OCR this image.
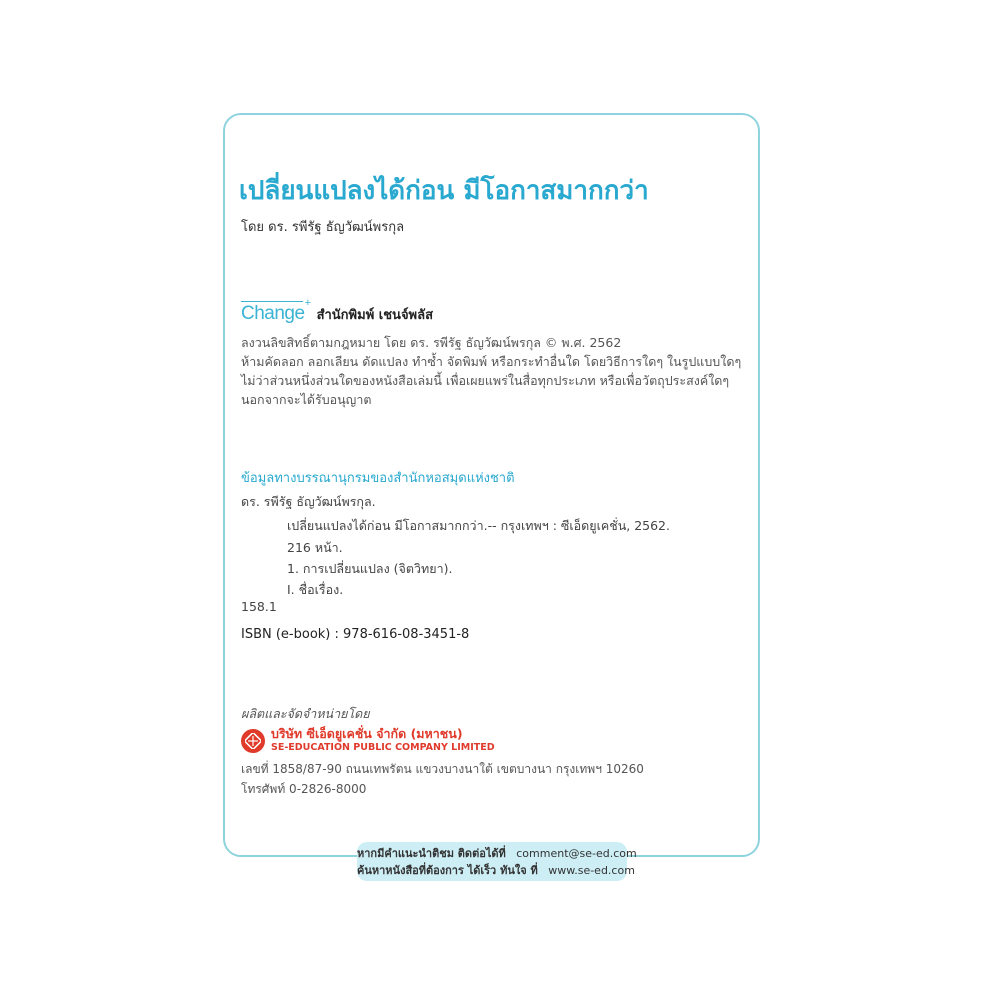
เปลี่ยนแปลงได้ก่อน มีโอกาสมากกว่า
โดย ดร. รพีรัฐ ธัญวัฒน์พรกุล
Change +
สำนักพิมพ์ เชนจ์พลัส
ลงวนลิขสิทธิ์ตามกฎหมาย โดย ดร. รพีรัฐ ธัญวัฒน์พรกุล © พ.ศ. 2562
ห้ามคัดลอก ลอกเลียน ดัดแปลง ทำซ้ำ จัดพิมพ์ หรือกระทำอื่นใด โดยวิธีการใดๆ ในรูปแบบใดๆ
ไม่ว่าส่วนหนึ่งส่วนใดของหนังสือเล่มนี้ เพื่อเผยแพร่ในสื่อทุกประเภท หรือเพื่อวัตถุประสงค์ใดๆ
นอกจากจะได้รับอนุญาต
ข้อมูลทางบรรณานุกรมของสำนักหอสมุดแห่งชาติ
ดร. รพีรัฐ ธัญวัฒน์พรกุล.
เปลี่ยนแปลงได้ก่อน มีโอกาสมากกว่า.-- กรุงเทพฯ : ซีเอ็ดยูเคชั่น, 2562.
216 หน้า.
1. การเปลี่ยนแปลง (จิตวิทยา).
I. ชื่อเรื่อง.
158.1
ISBN (e-book) : 978-616-08-3451-8
ผลิตและจัดจำหน่ายโดย
บริษัท ซีเอ็ดยูเคชั่น จำกัด (มหาชน)
SE-EDUCATION PUBLIC COMPANY LIMITED
เลขที่ 1858/87-90 ถนนเทพรัตน แขวงบางนาใต้ เขตบางนา กรุงเทพฯ 10260
โทรศัพท์ 0-2826-8000
หากมีคำแนะนำติชม ติดต่อได้ที่ comment@se-ed.com
ค้นหาหนังสือที่ต้องการ ได้เร็ว ทันใจ ที่ www.se-ed.com
